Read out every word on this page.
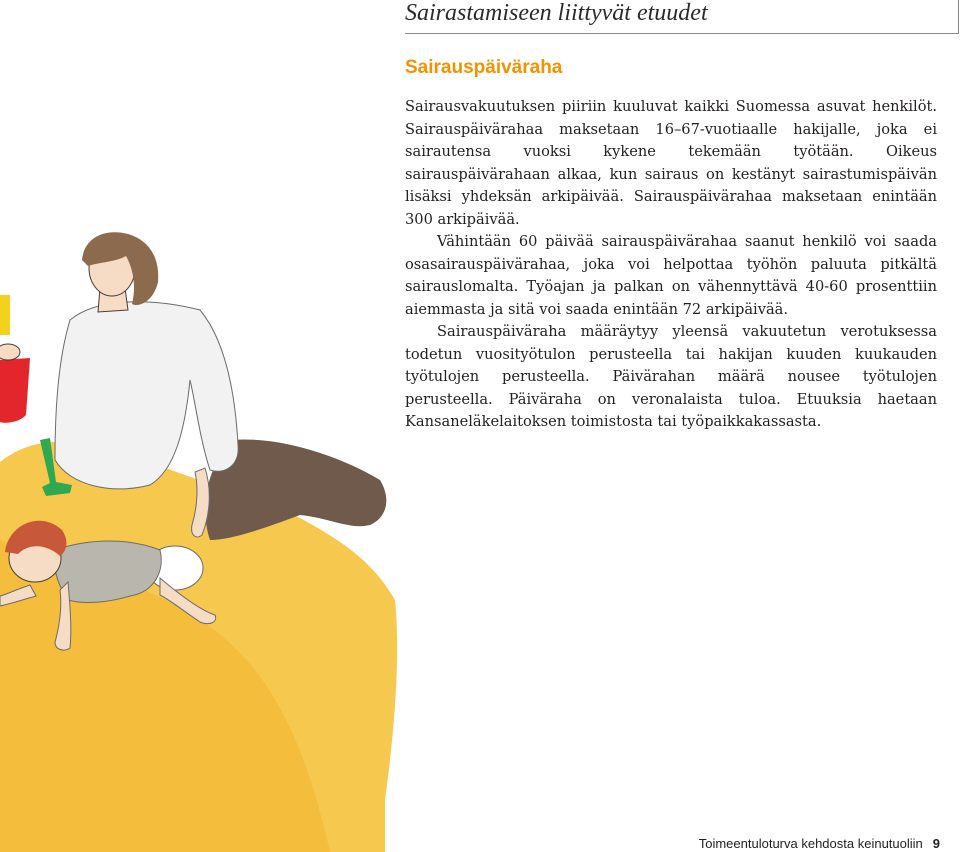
Sairastamiseen liittyvät etuudet
Sairauspäiväraha

Sairausvakuutuksen piiriin kuuluvat kaikki Suomessa asuvat henkilöt. Sairauspäivärahaa maksetaan 16–67-vuotiaalle hakijalle, joka ei sairautensa vuoksi kykene tekemään työtään. Oikeus sairauspäivärahaan alkaa, kun sairaus on kestänyt sairastumispäivän lisäksi yhdeksän arkipäivää. Sairauspäivärahaa maksetaan enintään 300 arkipäivää.

Vähintään 60 päivää sairauspäivärahaa saanut henkilö voi saada osasairauspäivärahaa, joka voi helpottaa työhön paluuta pitkältä sairauslomalta. Työajan ja palkan on vähennyttävä 40-60 prosenttiin aiemmasta ja sitä voi saada enintään 72 arkipäivää.

Sairauspäiväraha määräytyy yleensä vakuutetun verotuksessa todetun vuosityötulon perusteella tai hakijan kuuden kuukauden työtulojen perusteella. Päivärahan määrä nousee työtulojen perusteella. Päiväraha on veronalaista tuloa. Etuuksia haetaan Kansaneläkelaitoksen toimistosta tai työpaikkakassasta.

Toimeentuloturva kehdosta keinutuoliin 9
